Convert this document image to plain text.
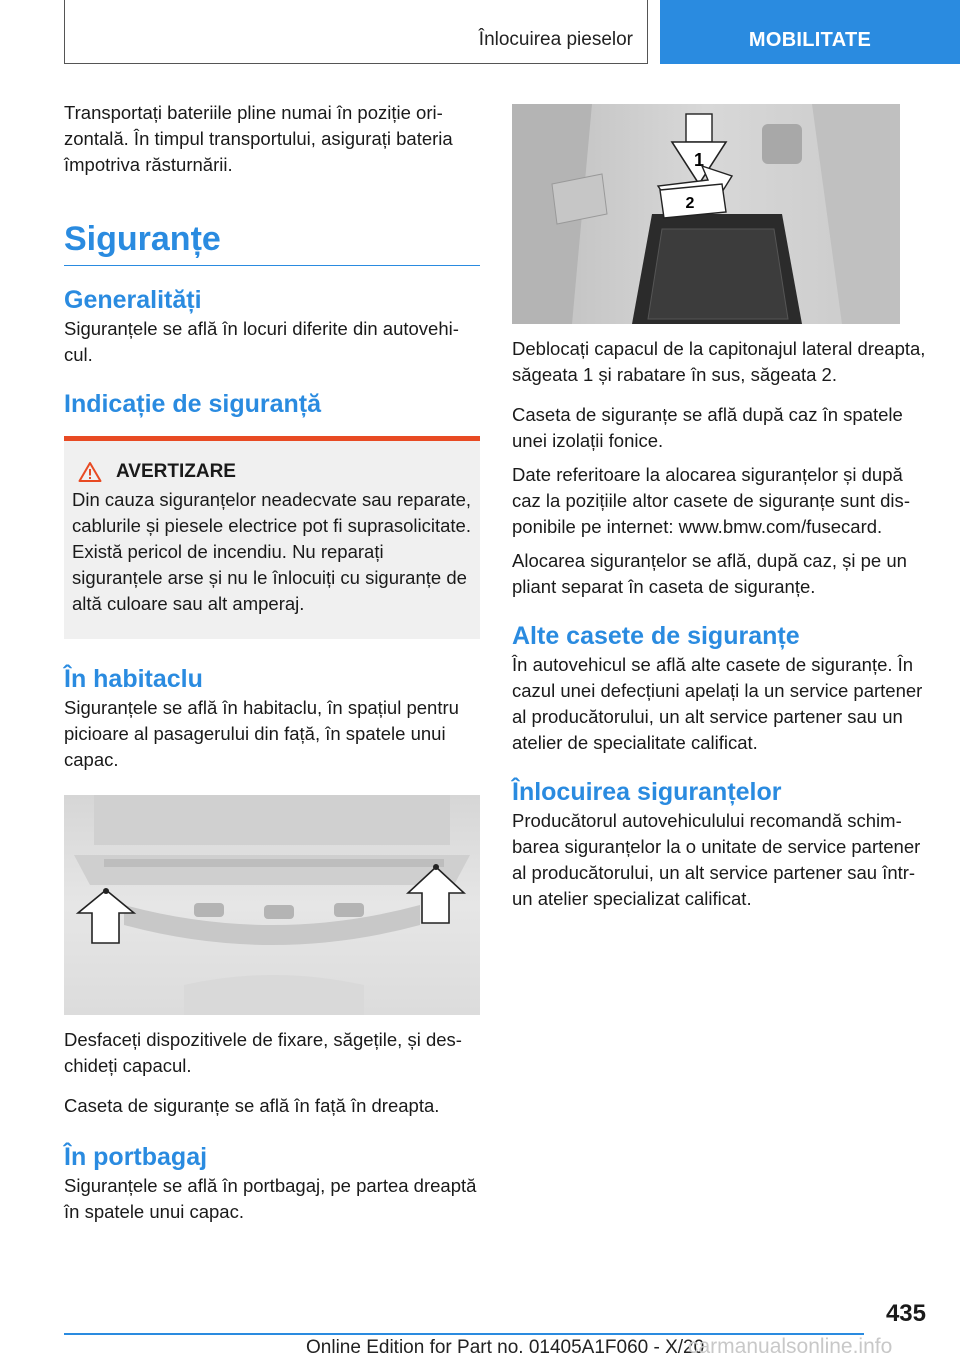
Înlocuirea pieselor	MOBILITATE

Transportați bateriile pline numai în poziție orizontală. În timpul transportului, asigurați bateria împotriva răsturnării.

Siguranțe
Generalități

Siguranțele se află în locuri diferite din autovehicul.

Indicație de siguranță
AVERTIZARE

Din cauza siguranțelor neadecvate sau reparate, cablurile și piesele electrice pot fi suprasolicitate. Există pericol de incendiu. Nu reparați siguranțele arse și nu le înlocuiți cu siguranțe de altă culoare sau alt amperaj.

În habitaclu

Siguranțele se află în habitaclu, în spațiul pentru picioare al pasagerului din față, în spatele unui capac.

Desfaceți dispozitivele de fixare, săgețile, și deschideți capacul.

Caseta de siguranțe se află în față în dreapta.

În portbagaj

Siguranțele se află în portbagaj, pe partea dreaptă în spatele unui capac.

1
2

Deblocați capacul de la capitonajul lateral dreapta, săgeata 1 și rabatare în sus, săgeata 2.

Caseta de siguranțe se află după caz în spatele unei izolații fonice.

Date referitoare la alocarea siguranțelor și după caz la pozițiile altor casete de siguranțe sunt disponibile pe internet: www.bmw.com/fusecard.

Alocarea siguranțelor se află, după caz, și pe un pliant separat în caseta de siguranțe.

Alte casete de siguranțe

În autovehicul se află alte casete de siguranțe. În cazul unei defecțiuni apelați la un service partener al producătorului, un alt service partener sau un atelier de specialitate calificat.

Înlocuirea siguranțelor

Producătorul autovehiculului recomandă schimbarea siguranțelor la o unitate de service partener al producătorului, un alt service partener sau într-un atelier specializat calificat.

435
Online Edition for Part no. 01405A1F060 - X/20
carmanualsonline.info
